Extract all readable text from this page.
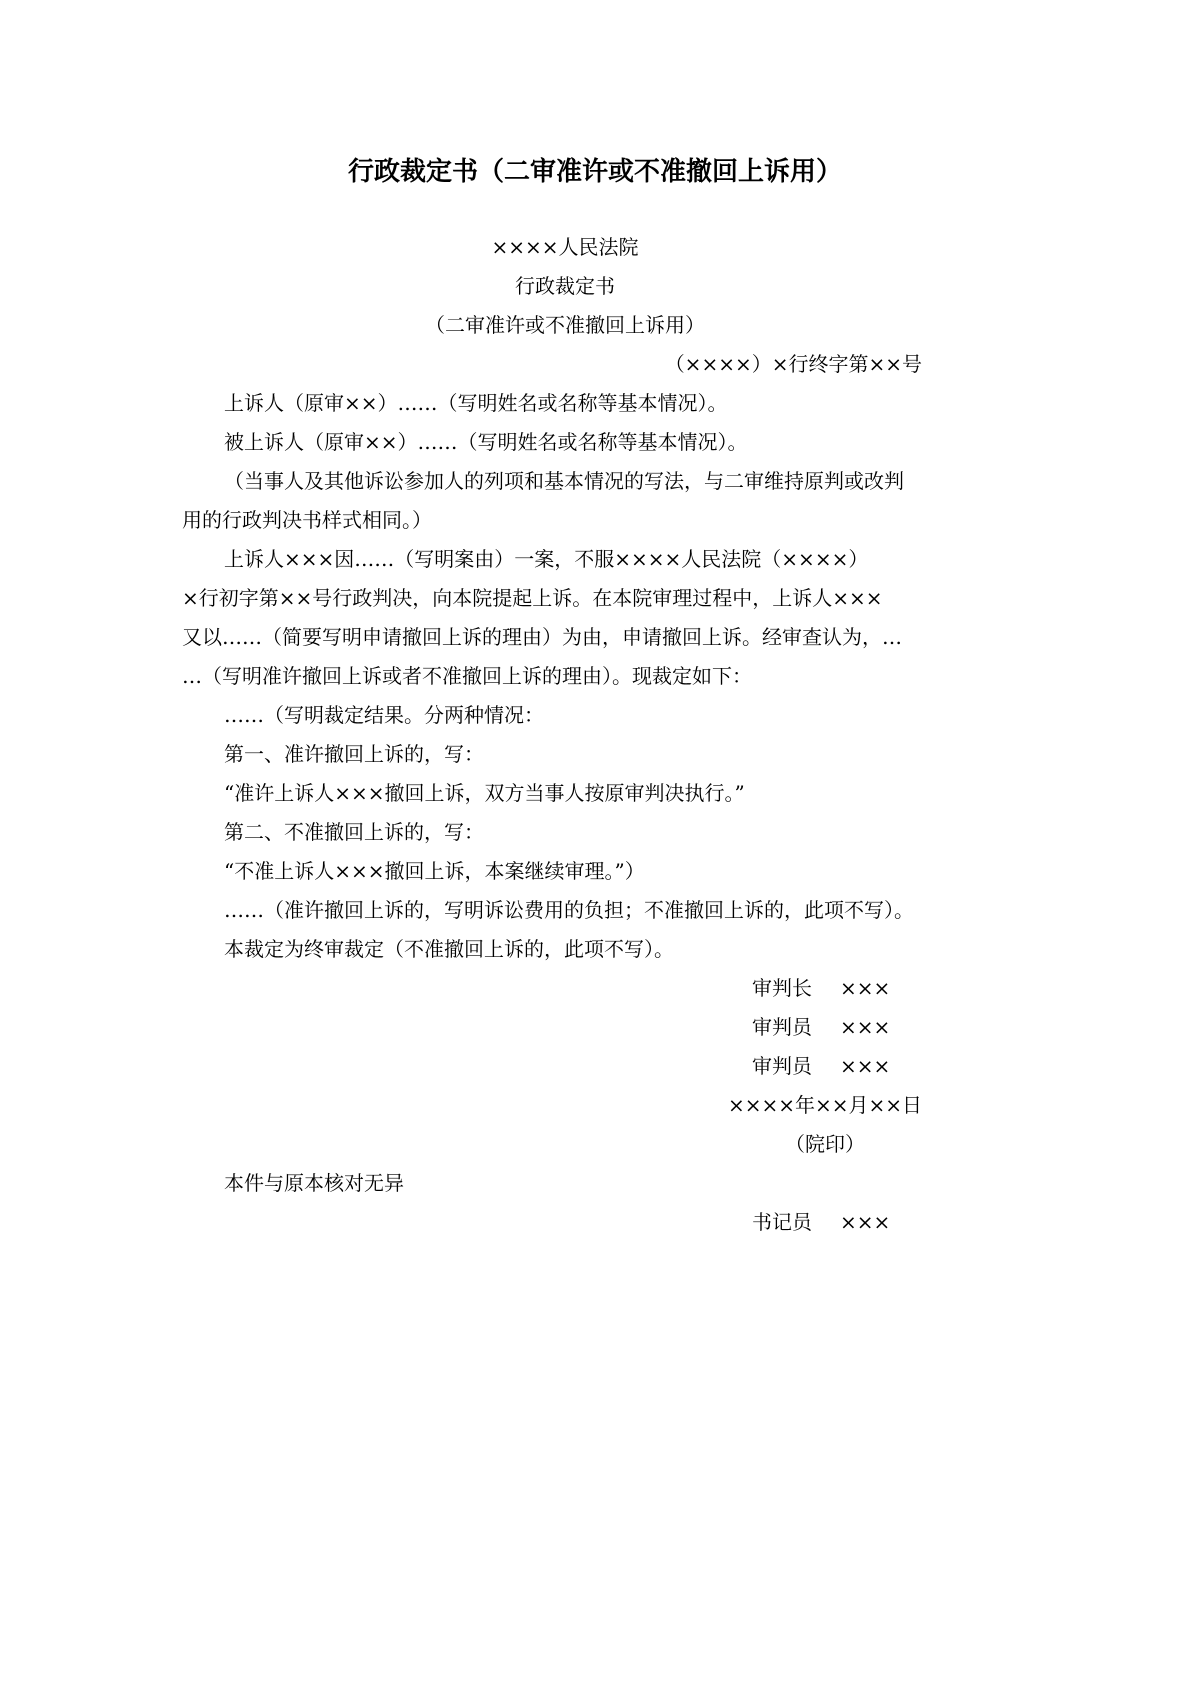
行政裁定书（二审准许或不准撤回上诉用）

××××人民法院

行政裁定书

（二审准许或不准撤回上诉用）

（××××）×行终字第××号

上诉人（原审××）……（写明姓名或名称等基本情况）。

被上诉人（原审××）……（写明姓名或名称等基本情况）。

（当事人及其他诉讼参加人的列项和基本情况的写法，与二审维持原判或改判

用的行政判决书样式相同。）

上诉人×××因……（写明案由）一案，不服××××人民法院（××××）

×行初字第××号行政判决，向本院提起上诉。在本院审理过程中，上诉人×××

又以……（简要写明申请撤回上诉的理由）为由，申请撤回上诉。经审查认为，…

…（写明准许撤回上诉或者不准撤回上诉的理由）。现裁定如下：

……（写明裁定结果。分两种情况：

第一、准许撤回上诉的，写：

“准许上诉人×××撤回上诉，双方当事人按原审判决执行。”

第二、不准撤回上诉的，写：

“不准上诉人×××撤回上诉，本案继续审理。”）

……（准许撤回上诉的，写明诉讼费用的负担；不准撤回上诉的，此项不写）。

本裁定为终审裁定（不准撤回上诉的，此项不写）。

审判长 ×××
审判员 ×××
审判员 ×××

××××年××月××日

（院印）

本件与原本核对无异

书记员 ×××
